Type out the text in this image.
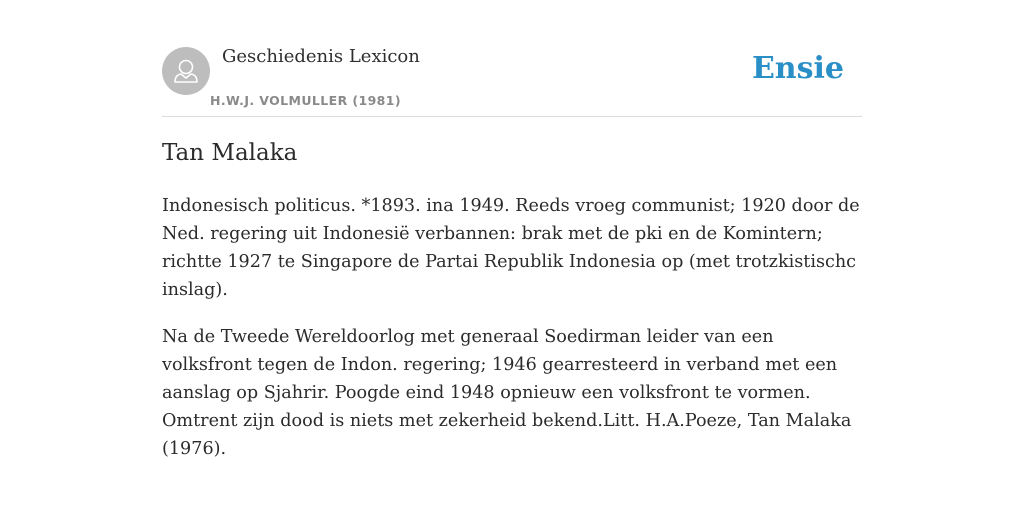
Geschiedenis Lexicon
H.W.J. VOLMULLER (1981)
Ensie
Tan Malaka

Indonesisch politicus. *1893. ina 1949. Reeds vroeg communist; 1920 door de Ned. regering uit Indonesië verbannen: brak met de pki en de Komintern; richtte 1927 te Singapore de Partai Republik Indonesia op (met trotzkistischc inslag).

Na de Tweede Wereldoorlog met generaal Soedirman leider van een volksfront tegen de Indon. regering; 1946 gearresteerd in verband met een aanslag op Sjahrir. Poogde eind 1948 opnieuw een volksfront te vormen. Omtrent zijn dood is niets met zekerheid bekend.Litt. H.A.Poeze, Tan Malaka (1976).
